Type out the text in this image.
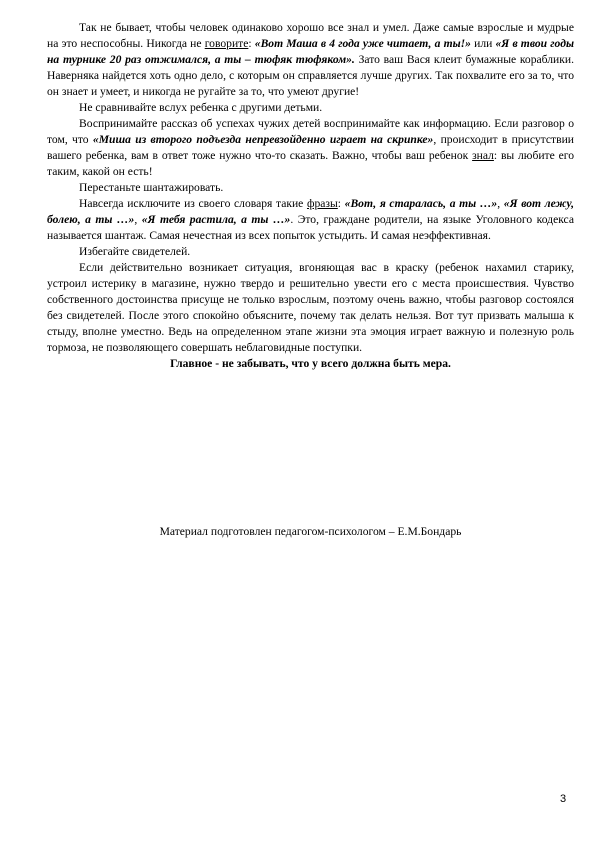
Так не бывает, чтобы человек одинаково хорошо все знал и умел. Даже самые взрослые и мудрые на это неспособны. Никогда не говорите: «Вот Маша в 4 года уже читает, а ты!» или «Я в твои годы на турнике 20 раз отжимался, а ты – тюфяк тюфяком». Зато ваш Вася клеит бумажные кораблики. Наверняка найдется хоть одно дело, с которым он справляется лучше других. Так похвалите его за то, что он знает и умеет, и никогда не ругайте за то, что умеют другие!

Не сравнивайте вслух ребенка с другими детьми.

Воспринимайте рассказ об успехах чужих детей воспринимайте как информацию. Если разговор о том, что «Миша из второго подъезда непревзойденно играет на скрипке», происходит в присутствии вашего ребенка, вам в ответ тоже нужно что-то сказать. Важно, чтобы ваш ребенок знал: вы любите его таким, какой он есть!

Перестаньте шантажировать.

Навсегда исключите из своего словаря такие фразы: «Вот, я старалась, а ты …», «Я вот лежу, болею, а ты …», «Я тебя растила, а ты …». Это, граждане родители, на языке Уголовного кодекса называется шантаж. Самая нечестная из всех попыток устыдить. И самая неэффективная.

Избегайте свидетелей.

Если действительно возникает ситуация, вгоняющая вас в краску (ребенок нахамил старику, устроил истерику в магазине, нужно твердо и решительно увести его с места происшествия. Чувство собственного достоинства присуще не только взрослым, поэтому очень важно, чтобы разговор состоялся без свидетелей. После этого спокойно объясните, почему так делать нельзя. Вот тут призвать малыша к стыду, вполне уместно. Ведь на определенном этапе жизни эта эмоция играет важную и полезную роль тормоза, не позволяющего совершать неблаговидные поступки.

Главное - не забывать, что у всего должна быть мера.

Материал подготовлен педагогом-психологом – Е.М.Бондарь
3
